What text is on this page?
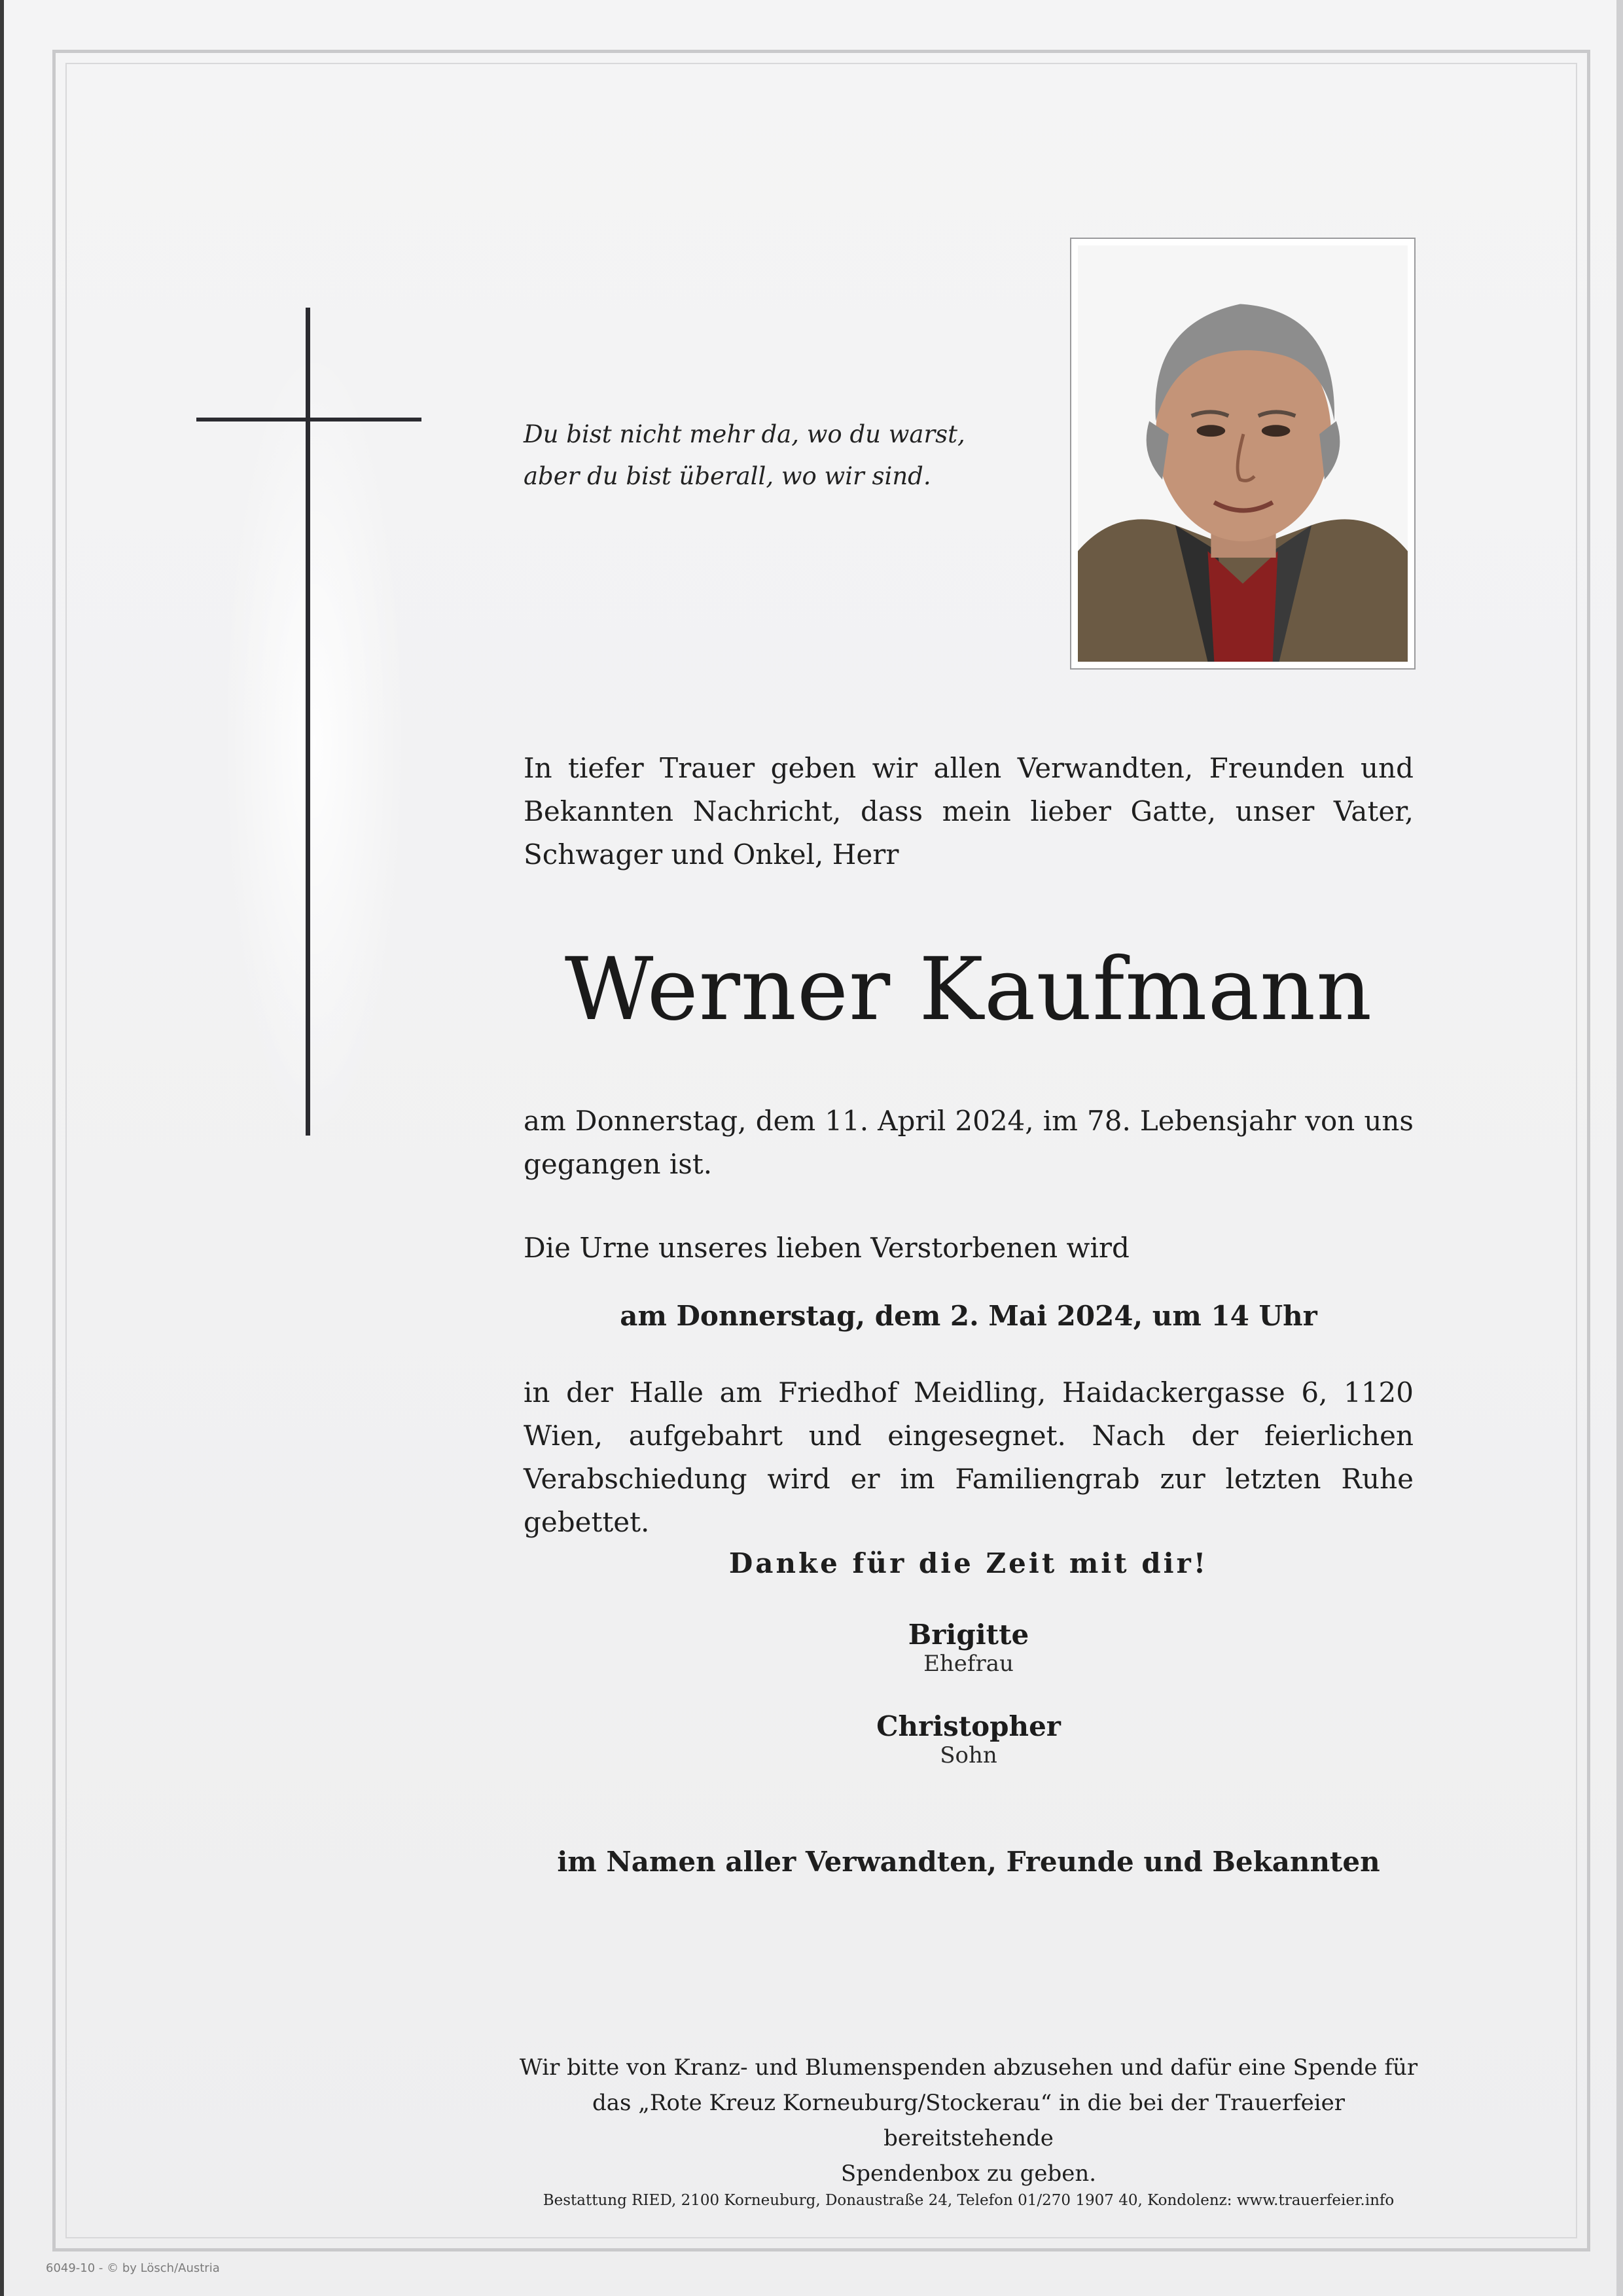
Du bist nicht mehr da, wo du warst,
aber du bist überall, wo wir sind.
In tiefer Trauer geben wir allen Verwandten, Freunden und Bekannten Nachricht, dass mein lieber Gatte, unser Vater, Schwager und Onkel, Herr
Werner Kaufmann
am Donnerstag, dem 11. April 2024, im 78. Lebensjahr von uns gegangen ist.
Die Urne unseres lieben Verstorbenen wird
am Donnerstag, dem 2. Mai 2024, um 14 Uhr
in der Halle am Friedhof Meidling, Haidackergasse 6, 1120 Wien, aufgebahrt und eingesegnet. Nach der feierlichen Verabschiedung wird er im Familiengrab zur letzten Ruhe gebettet.
Danke für die Zeit mit dir!
Brigitte
Ehefrau
Christopher
Sohn
im Namen aller Verwandten, Freunde und Bekannten
Wir bitte von Kranz- und Blumenspenden abzusehen und dafür eine Spende für
das „Rote Kreuz Korneuburg/Stockerau“ in die bei der Trauerfeier bereitstehende
Spendenbox zu geben.
Bestattung RIED, 2100 Korneuburg, Donaustraße 24, Telefon 01/270 1907 40, Kondolenz: www.trauerfeier.info
6049-10 - © by Lösch/Austria
